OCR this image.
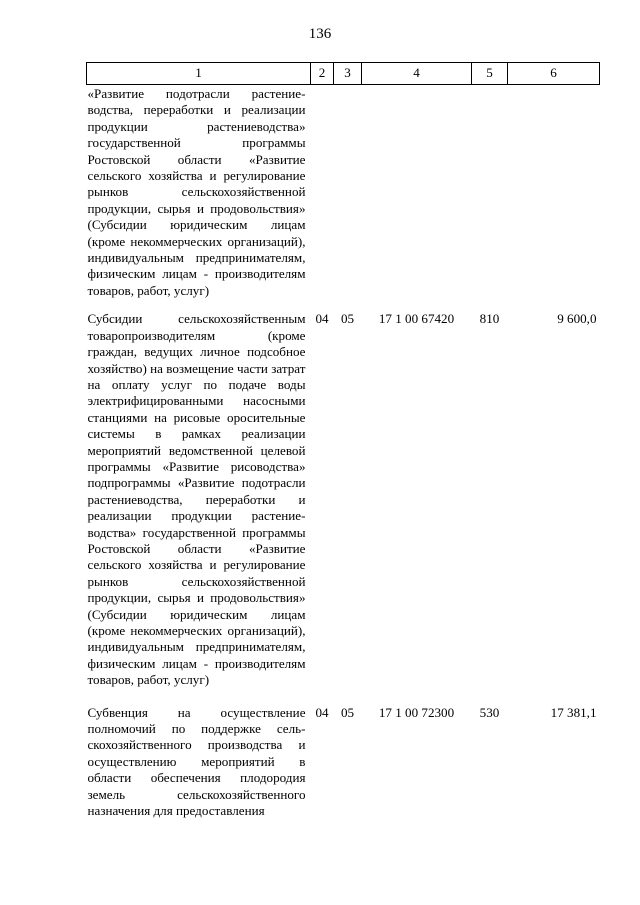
136
1	2	3	4	5	6
«Развитие подотрасли растениеводства, переработки и реализации продукции растениеводства» государственной программы Ростовской области «Развитие сельского хозяйства и регулирование рынков сельскохозяйственной продукции, сырья и продовольствия» (Субсидии юридическим лицам (кроме некоммерческих организаций), индивидуальным предпринимателям, физическим лицам - производителям товаров, работ, услуг)					
Субсидии сельскохозяйственным товаропроизводителям (кроме граждан, ведущих личное подсобное хозяйство) на возмещение части затрат на оплату услуг по подаче воды электрифицированными насосными станциями на рисовые оросительные системы в рамках реализации мероприятий ведомственной целевой программы «Развитие рисоводства» подпрограммы «Развитие подотрасли растениеводства, переработки и реализации продукции растениеводства» государственной программы Ростовской области «Развитие сельского хозяйства и регулирование рынков сельскохозяйственной продукции, сырья и продовольствия» (Субсидии юридическим лицам (кроме некоммерческих организаций), индивидуальным предпринимателям, физическим лицам - производителям товаров, работ, услуг)	04	05	17 1 00 67420	810	9 600,0
Субвенция на осуществление полномочий по поддержке сельскохозяйственного производства и осуществлению мероприятий в области обеспечения плодородия земель сельскохозяйственного назначения для предоставления	04	05	17 1 00 72300	530	17 381,1
